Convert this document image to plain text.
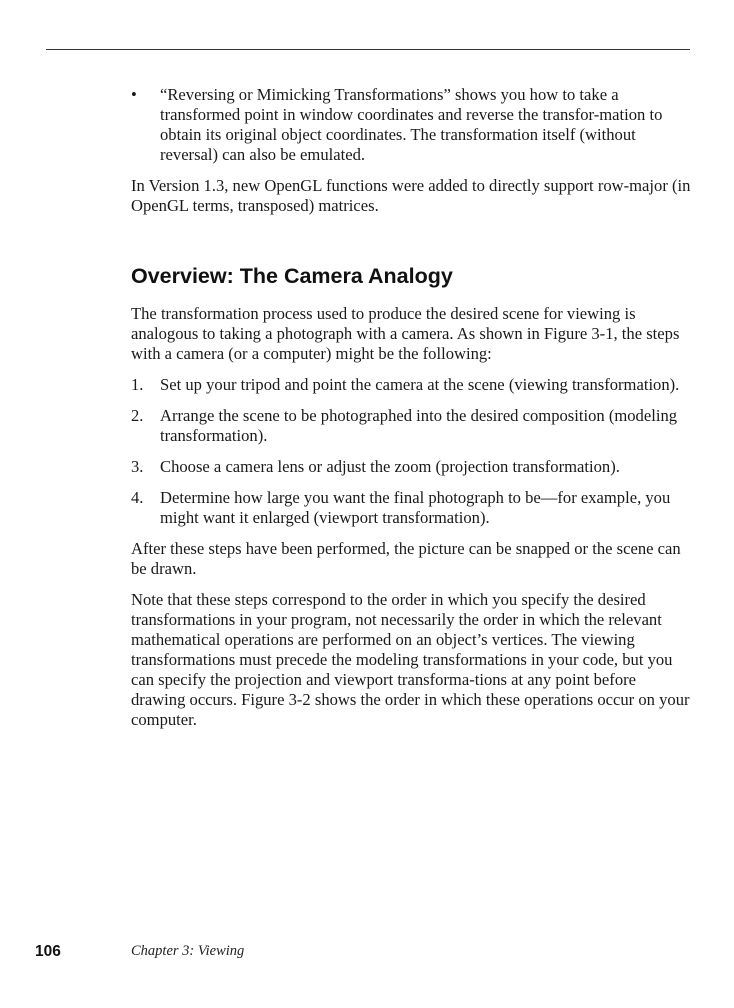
• “Reversing or Mimicking Transformations” shows you how to take a transformed point in window coordinates and reverse the transfor-mation to obtain its original object coordinates. The transformation itself (without reversal) can also be emulated.

In Version 1.3, new OpenGL functions were added to directly support row-major (in OpenGL terms, transposed) matrices.

Overview: The Camera Analogy

The transformation process used to produce the desired scene for viewing is analogous to taking a photograph with a camera. As shown in Figure 3-1, the steps with a camera (or a computer) might be the following:

1. Set up your tripod and point the camera at the scene (viewing transformation).
2. Arrange the scene to be photographed into the desired composition (modeling transformation).
3. Choose a camera lens or adjust the zoom (projection transformation).
4. Determine how large you want the final photograph to be—for example, you might want it enlarged (viewport transformation).

After these steps have been performed, the picture can be snapped or the scene can be drawn.

Note that these steps correspond to the order in which you specify the desired transformations in your program, not necessarily the order in which the relevant mathematical operations are performed on an object’s vertices. The viewing transformations must precede the modeling transformations in your code, but you can specify the projection and viewport transforma-tions at any point before drawing occurs. Figure 3-2 shows the order in which these operations occur on your computer.

106	Chapter 3: Viewing
